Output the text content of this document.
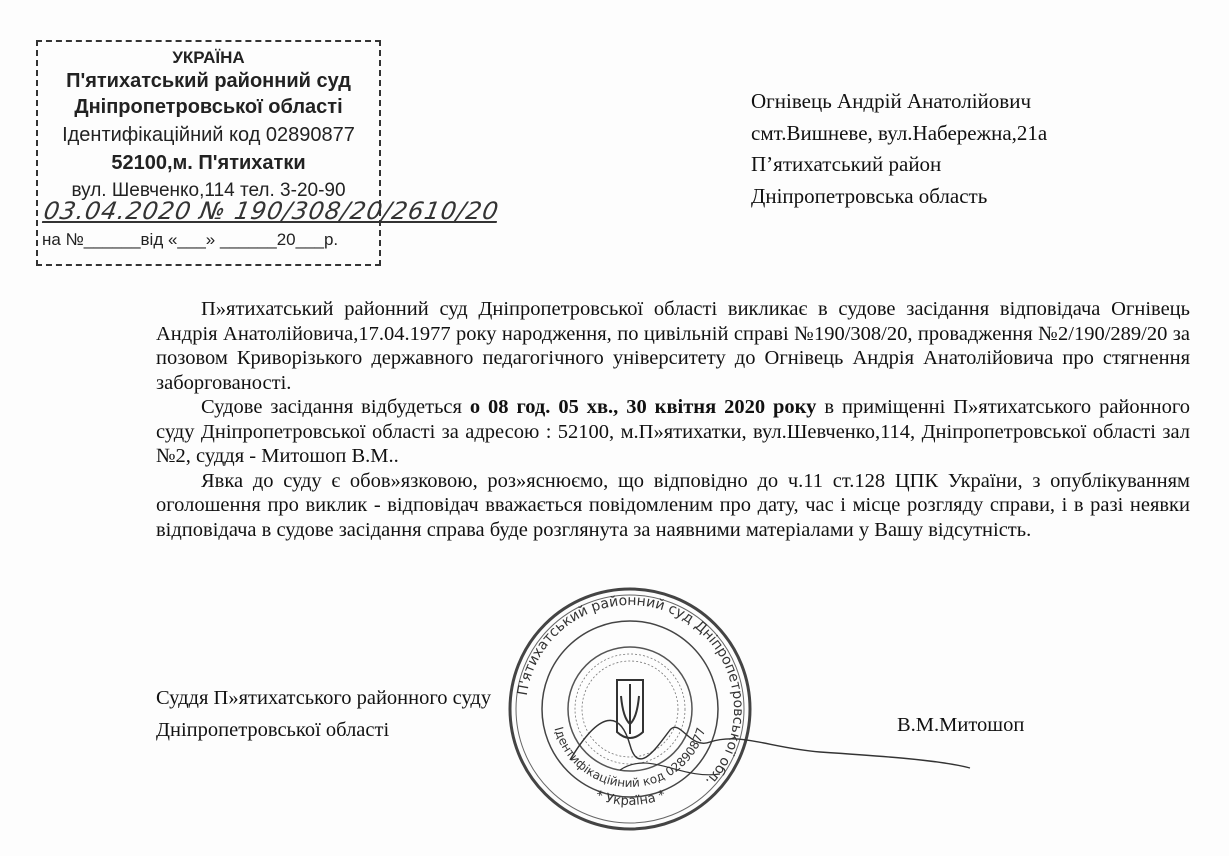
УКРАЇНА
П'ятихатський районний суд
Дніпропетровської області
Ідентифікаційний код 02890877
52100,м. П'ятихатки
вул. Шевченко,114 тел. 3-20-90
03.04.2020 № 190/308/20/2610/20
на №______від «___» ______20___р.
Огнівець Андрій Анатолійович
смт.Вишневе, вул.Набережна,21а
П’ятихатський район
Дніпропетровська область

П»ятихатський районний суд Дніпропетровської області викликає в судове засідання відповідача Огнівець Андрія Анатолійовича,17.04.1977 року народження, по цивільній справі №190/308/20, провадження №2/190/289/20 за позовом Криворізького державного педагогічного університету до Огнівець Андрія Анатолійовича про стягнення заборгованості.

Судове засідання відбудеться о 08 год. 05 хв., 30 квітня 2020 року в приміщенні П»ятихатського районного суду Дніпропетровської області за адресою : 52100, м.П»ятихатки, вул.Шевченко,114, Дніпропетровської області зал №2, суддя - Митошоп В.М..

Явка до суду є обов»язковою, роз»яснюємо, що відповідно до ч.11 ст.128 ЦПК України, з опублікуванням оголошення про виклик - відповідач вважається повідомленим про дату, час і місце розгляду справи, і в разі неявки відповідача в судове засідання справа буде розглянута за наявними матеріалами у Вашу відсутність.

П'ятихатський районний суд Дніпропетровської обл.
Ідентифікаційний код 02890877
* Україна *
Суддя П»ятихатського районного суду
Дніпропетровської області	В.М.Митошоп
